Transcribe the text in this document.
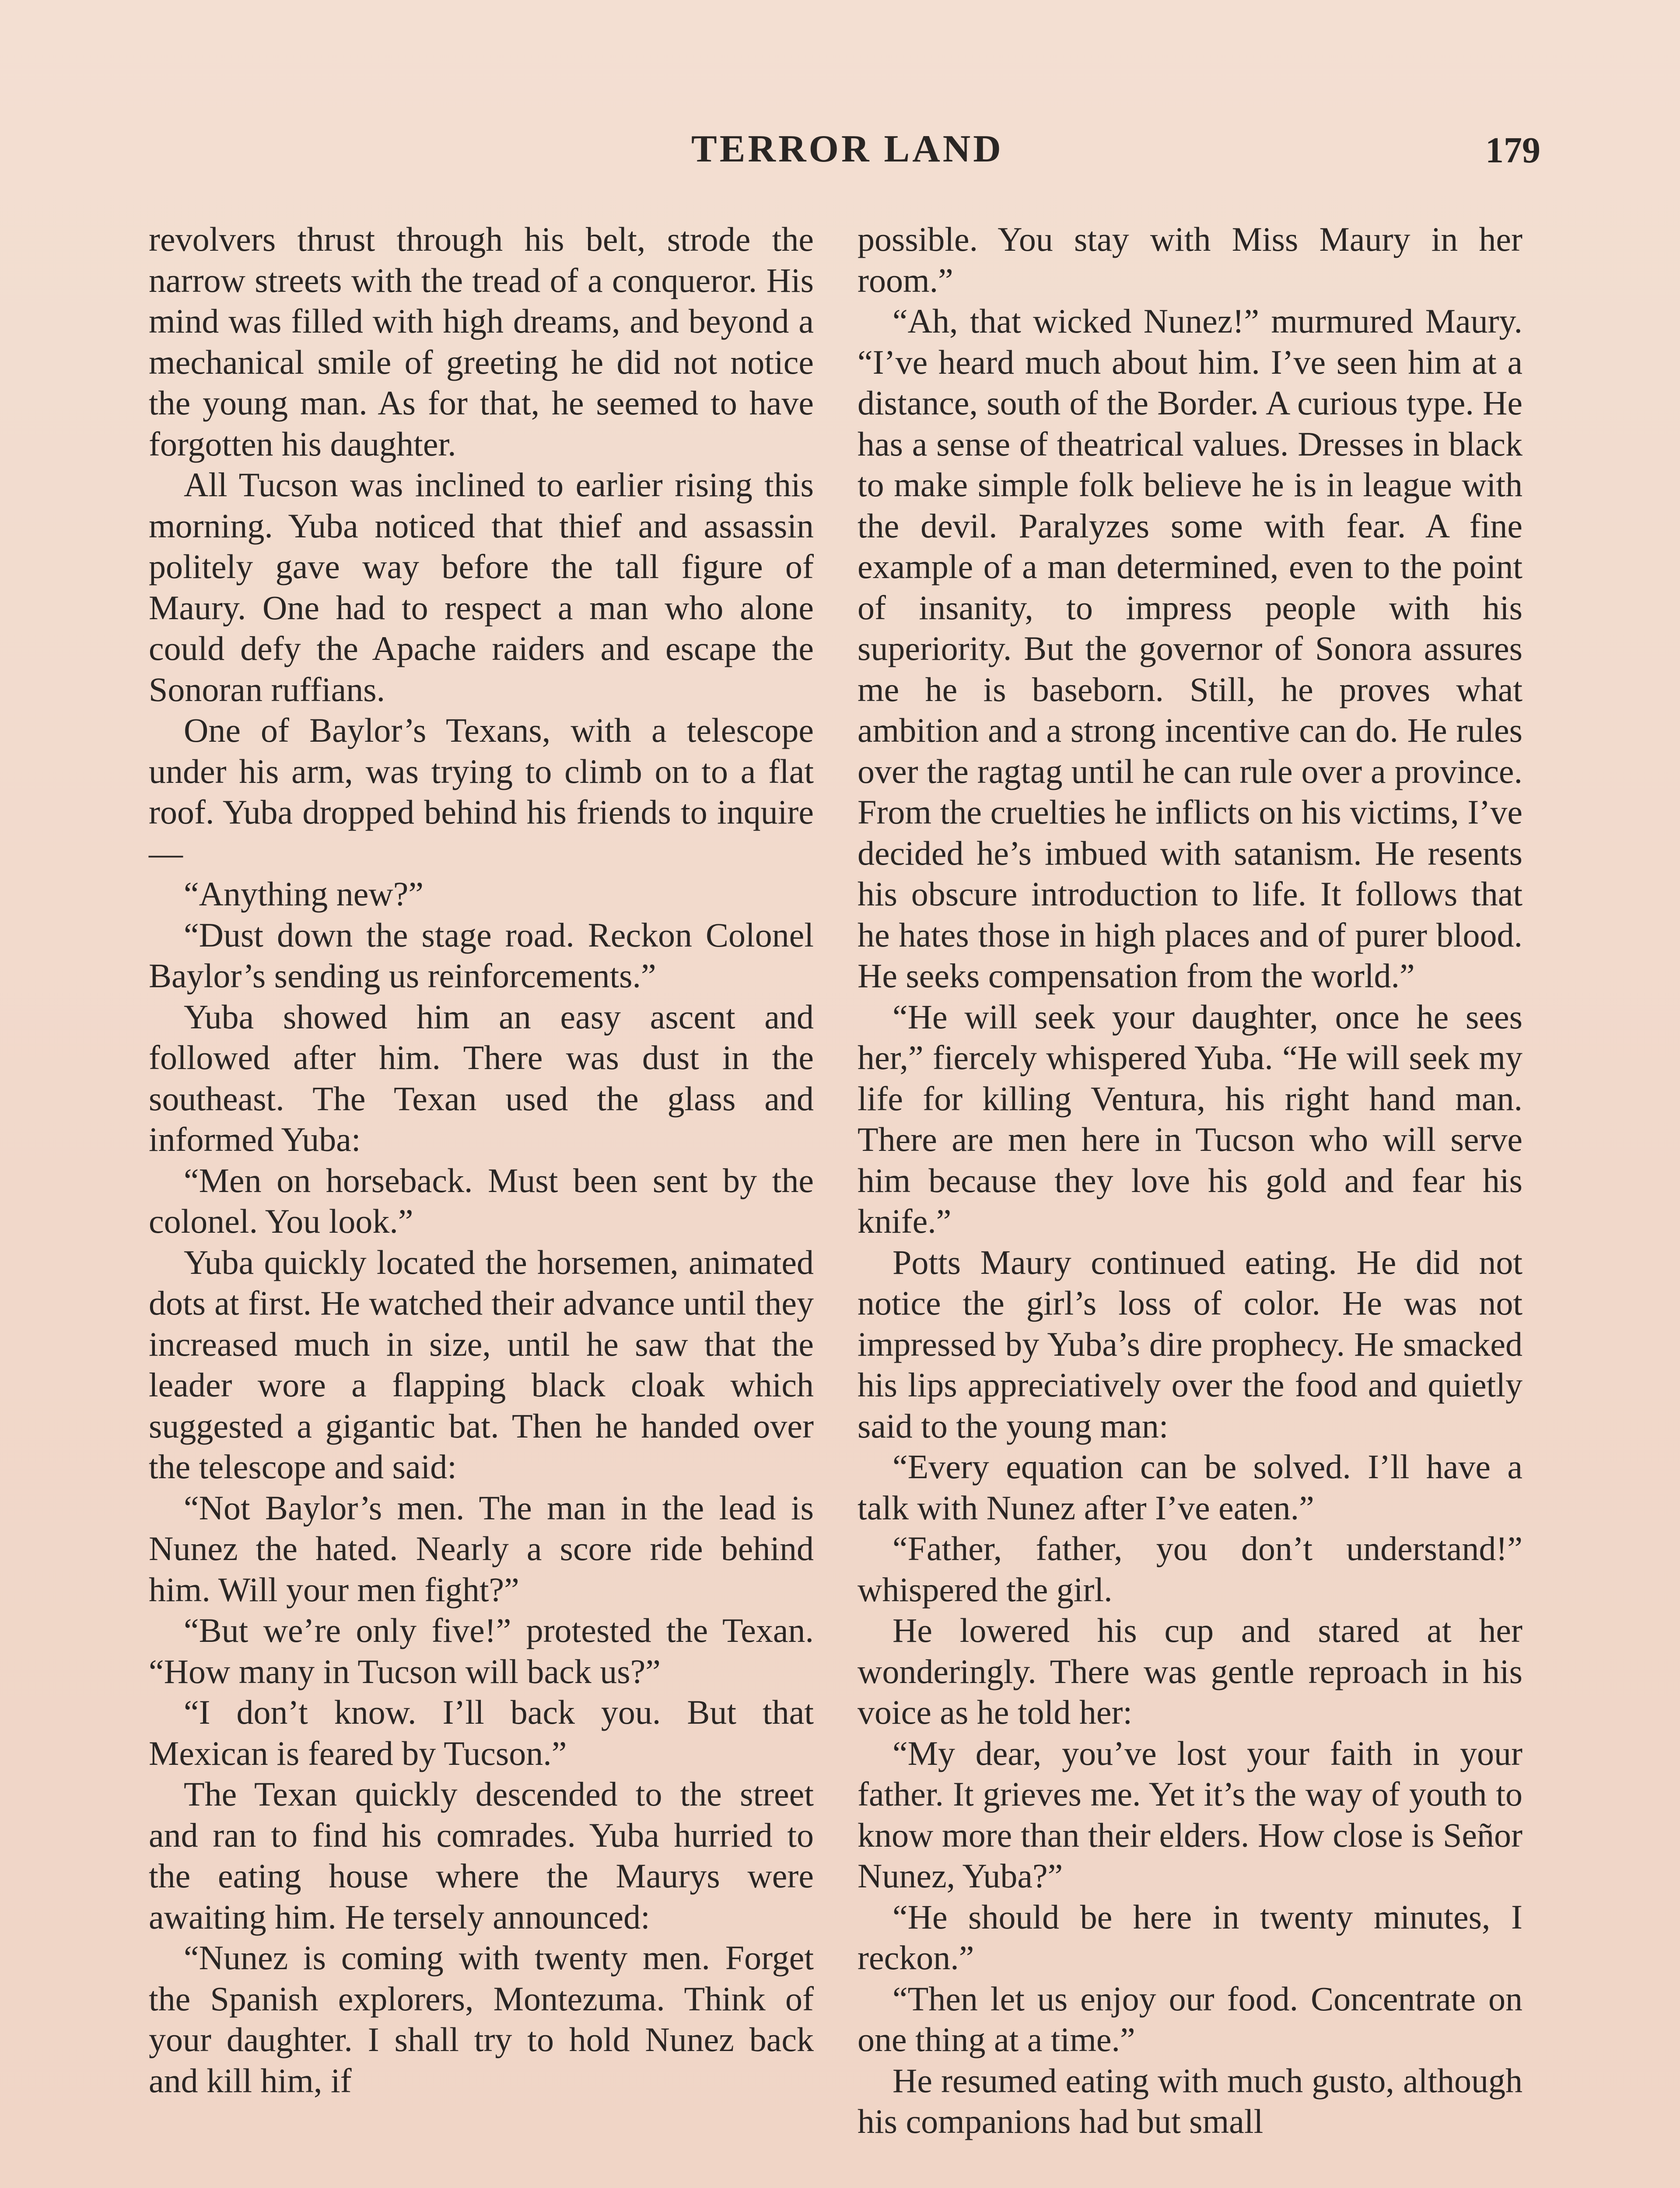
TERROR LAND	179

revolvers thrust through his belt, strode the narrow streets with the tread of a conqueror. His mind was filled with high dreams, and beyond a mechanical smile of greeting he did not notice the young man. As for that, he seemed to have forgotten his daughter.

All Tucson was inclined to earlier rising this morning. Yuba noticed that thief and assassin politely gave way before the tall figure of Maury. One had to respect a man who alone could defy the Apache raiders and escape the Sonoran ruffians.

One of Baylor’s Texans, with a telescope under his arm, was trying to climb on to a flat roof. Yuba dropped behind his friends to inquire—

“Anything new?”

“Dust down the stage road. Reckon Colonel Baylor’s sending us reinforcements.”

Yuba showed him an easy ascent and followed after him. There was dust in the southeast. The Texan used the glass and informed Yuba:

“Men on horseback. Must been sent by the colonel. You look.”

Yuba quickly located the horsemen, animated dots at first. He watched their advance until they increased much in size, until he saw that the leader wore a flapping black cloak which suggested a gigantic bat. Then he handed over the telescope and said:

“Not Baylor’s men. The man in the lead is Nunez the hated. Nearly a score ride behind him. Will your men fight?”

“But we’re only five!” protested the Texan. “How many in Tucson will back us?”

“I don’t know. I’ll back you. But that Mexican is feared by Tucson.”

The Texan quickly descended to the street and ran to find his comrades. Yuba hurried to the eating house where the Maurys were awaiting him. He tersely announced:

“Nunez is coming with twenty men. Forget the Spanish explorers, Montezuma. Think of your daughter. I shall try to hold Nunez back and kill him, if

possible. You stay with Miss Maury in her room.”

“Ah, that wicked Nunez!” murmured Maury. “I’ve heard much about him. I’ve seen him at a distance, south of the Border. A curious type. He has a sense of theatrical values. Dresses in black to make simple folk believe he is in league with the devil. Paralyzes some with fear. A fine example of a man determined, even to the point of insanity, to impress people with his superiority. But the governor of Sonora assures me he is baseborn. Still, he proves what ambition and a strong incentive can do. He rules over the ragtag until he can rule over a province. From the cruelties he inflicts on his victims, I’ve decided he’s imbued with satanism. He resents his obscure introduction to life. It follows that he hates those in high places and of purer blood. He seeks compensation from the world.”

“He will seek your daughter, once he sees her,” fiercely whispered Yuba. “He will seek my life for killing Ventura, his right hand man. There are men here in Tucson who will serve him because they love his gold and fear his knife.”

Potts Maury continued eating. He did not notice the girl’s loss of color. He was not impressed by Yuba’s dire prophecy. He smacked his lips appreciatively over the food and quietly said to the young man:

“Every equation can be solved. I’ll have a talk with Nunez after I’ve eaten.”

“Father, father, you don’t understand!” whispered the girl.

He lowered his cup and stared at her wonderingly. There was gentle reproach in his voice as he told her:

“My dear, you’ve lost your faith in your father. It grieves me. Yet it’s the way of youth to know more than their elders. How close is Señor Nunez, Yuba?”

“He should be here in twenty minutes, I reckon.”

“Then let us enjoy our food. Concentrate on one thing at a time.”

He resumed eating with much gusto, although his companions had but small
